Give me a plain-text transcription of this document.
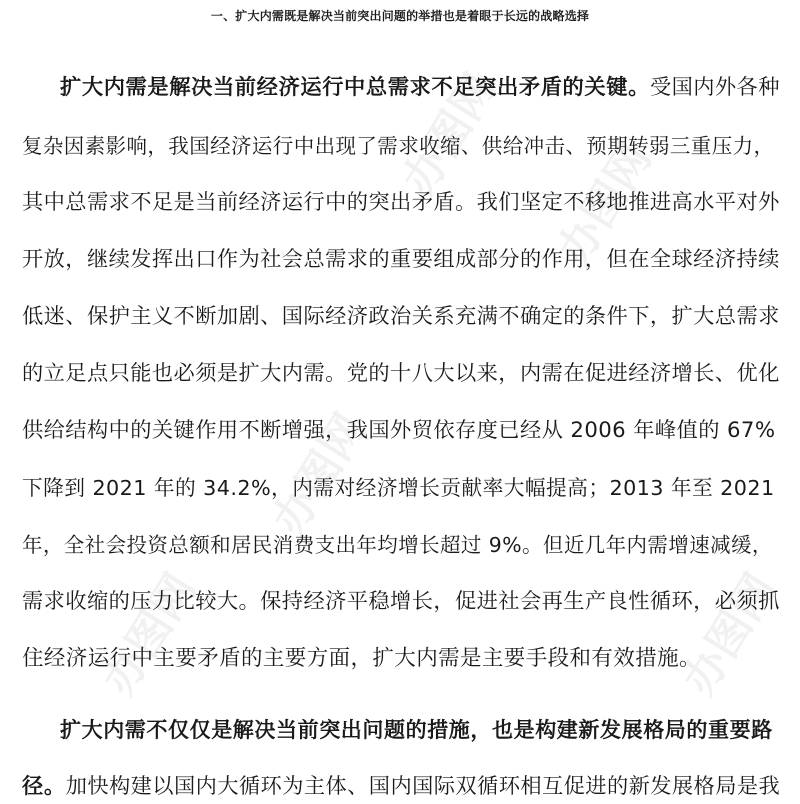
办图网
办图网
办图网	办图网
办图网
一、扩大内需既是解决当前突出问题的举措也是着眼于长远的战略选择
扩大内需是解决当前经济运行中总需求不足突出矛盾的关键。受国内外各种
复杂因素影响，我国经济运行中出现了需求收缩、供给冲击、预期转弱三重压力，
其中总需求不足是当前经济运行中的突出矛盾。我们坚定不移地推进高水平对外
开放，继续发挥出口作为社会总需求的重要组成部分的作用，但在全球经济持续
低迷、保护主义不断加剧、国际经济政治关系充满不确定的条件下，扩大总需求
的立足点只能也必须是扩大内需。党的十八大以来，内需在促进经济增长、优化
供给结构中的关键作用不断增强，我国外贸依存度已经从 2006 年峰值的 67%
下降到 2021 年的 34.2%，内需对经济增长贡献率大幅提高；2013 年至 2021
年，全社会投资总额和居民消费支出年均增长超过 9%。但近几年内需增速减缓，
需求收缩的压力比较大。保持经济平稳增长，促进社会再生产良性循环，必须抓
住经济运行中主要矛盾的主要方面，扩大内需是主要手段和有效措施。
扩大内需不仅仅是解决当前突出问题的措施，也是构建新发展格局的重要路
径。加快构建以国内大循环为主体、国内国际双循环相互促进的新发展格局是我
